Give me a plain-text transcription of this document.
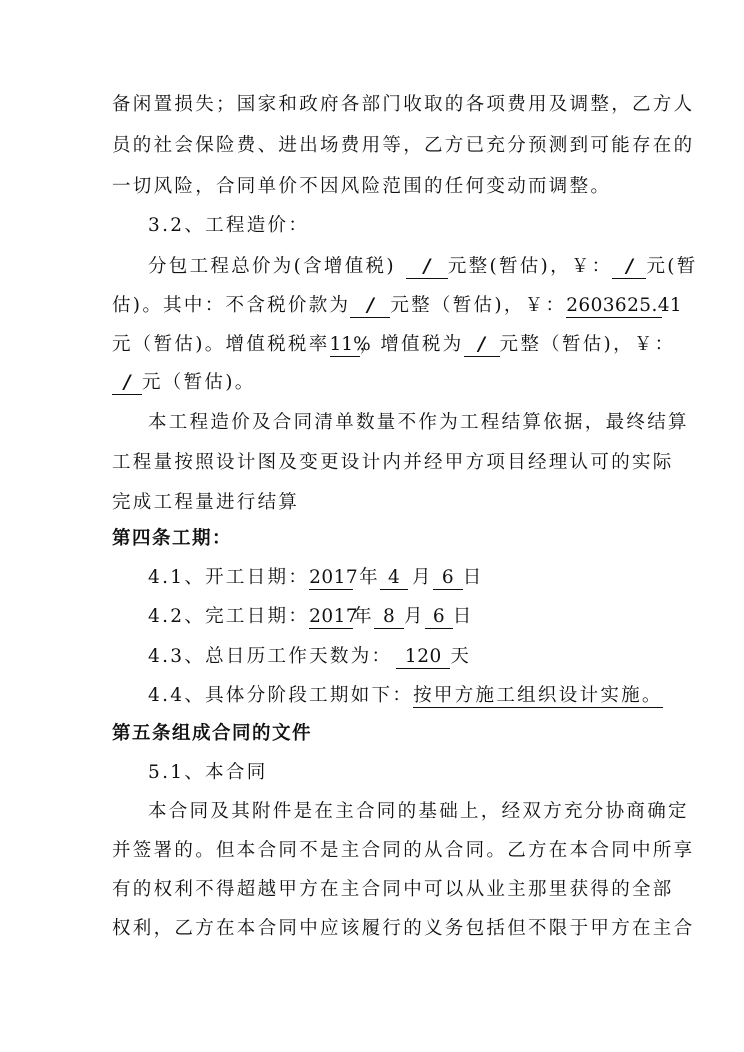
备闲置损失；国家和政府各部门收取的各项费用及调整，乙方人
员的社会保险费、进出场费用等，乙方已充分预测到可能存在的
一切风险，合同单价不因风险范围的任何变动而调整。
3.2、工程造价：
分包工程总价为(含增值税) / 元整(暂估)，￥： / 元(暂
估)。其中：不含税价款为 / 元整（暂估)，￥：2603625.41
元（暂估)。增值税税率11%，增值税为 / 元整（暂估)，￥：
/ 元（暂估)。
本工程造价及合同清单数量不作为工程结算依据，最终结算
工程量按照设计图及变更设计内并经甲方项目经理认可的实际
完成工程量进行结算
第四条工期：
4.1、开工日期：2017年 4 月 6 日
4.2、完工日期：2017年 8 月 6 日
4.3、总日历工作天数为： 120 天
4.4、具体分阶段工期如下：按甲方施工组织设计实施。
第五条组成合同的文件
5.1、本合同
本合同及其附件是在主合同的基础上，经双方充分协商确定
并签署的。但本合同不是主合同的从合同。乙方在本合同中所享
有的权利不得超越甲方在主合同中可以从业主那里获得的全部
权利，乙方在本合同中应该履行的义务包括但不限于甲方在主合
